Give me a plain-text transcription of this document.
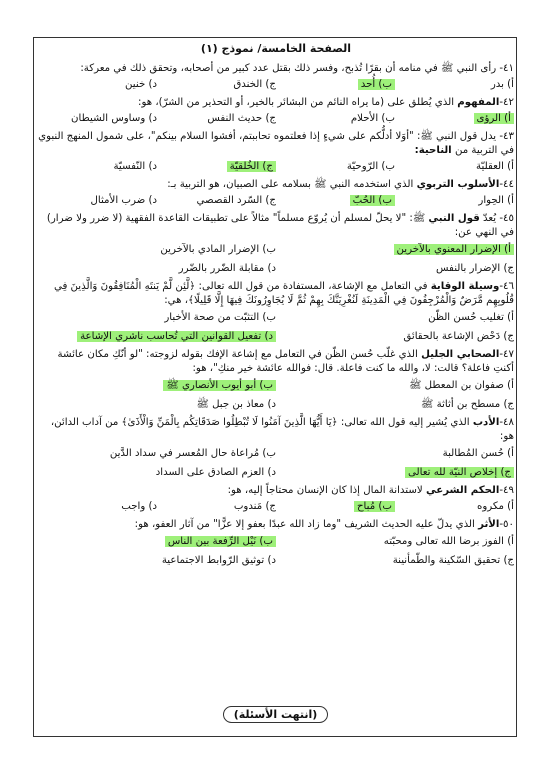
الصفحة الخامسة/ نموذج (١)
٤١- رأى النبي ﷺ في منامه أن بقرًا تُذبح، وفسر ذلك بقتل عدد كبير من أصحابه، وتحقق ذلك في معركة:
أ) بدر
ب) أُحد
ج) الخندق
د) خنين
٤٢-المفهوم الذي يُطلق على (ما يراه النائم من البشائر بالخير، أو التحذير من الشرّ)، هو:
أ) الرؤى
ب) الأحلام
ج) حديث النفس
د) وساوس الشيطان
٤٣- يدل قول النبي ﷺ: "أوَلا أدلُّكم على شيءٍ إذا فعلتموه تحاببتم، أفشوا السلام بينكم"، على شمول المنهج النبوي في التربية من الناحية:
أ) العقليّة
ب) الرّوحيّة
ج) الخُلقيّة
د) النّفسيّة
٤٤-الأسلوب التربوي الذي استخدمه النبي ﷺ بسلامه على الصبيان، هو التربية بـ:
أ) الحِوار
ب) الحُبّ
ج) السّرد القصصي
د) ضرب الأمثال
٤٥- يُعدّ قول النبي ﷺ: "لا يحلّ لمسلم أن يُروّع مسلماً" مثالاً على تطبيقات القاعدة الفقهية (لا ضرر ولا ضرار) في النهي عن:
أ) الإضرار المعنوي بالآخرين
ب) الإضرار المادي بالآخرين
ج) الإضرار بالنفس
د) مقابلة الضّرر بالضّرر
٤٦-وسيلة الوقاية في التعامل مع الإشاعة، المستفادة من قول الله تعالى: ﴿لَّئِن لَّمْ يَنتَهِ الْمُنَافِقُونَ وَالَّذِينَ فِي قُلُوبِهِم مَّرَضٌ وَالْمُرْجِفُونَ فِي الْمَدِينَةِ لَنُغْرِيَنَّكَ بِهِمْ ثُمَّ لَا يُجَاوِرُونَكَ فِيهَا إِلَّا قَلِيلًا﴾، هي:
أ) تغليب حُسن الظّن
ب) التثبّت من صحة الأخبار
ج) دَحْض الإشاعة بالحقائق
د) تفعيل القوانين التي تُحاسب ناشري الإشاعة
٤٧-الصحابي الجليل الذي غلّب حُسن الظّن في التعامل مع إشاعة الإفك بقوله لزوجته: "لو أنّكِ مكان عائشة أكنتِ فاعلة؟ قالت: لا، والله ما كنت فاعلة. قال: فوالله عائشة خير منكِ"، هو:
أ) صفوان بن المعطل ﷺ
ب) أبو أيوب الأنصاري ﷺ
ج) مسطح بن أثاثة ﷺ
د) معاذ بن جبل ﷺ
٤٨-الأدب الذي يُشير إليه قول الله تعالى: ﴿يَا أَيُّهَا الَّذِينَ آمَنُوا لَا تُبْطِلُوا صَدَقَاتِكُم بِالْمَنِّ وَالْأَذَىٰ﴾ من آداب الدائن، هو:
أ) حُسن المُطالبة
ب) مُراعاة حال المُعسر في سداد الدَّين
ج) إخلاص النيّة لله تعالى
د) العزم الصادق على السداد
٤٩-الحكم الشرعي لاستدانة المال إذا كان الإنسان محتاجاً إليه، هو:
أ) مكروه
ب) مُباح
ج) مَندوب
د) واجب
٥٠-الأثر الذي يدلّ عليه الحديث الشريف "وما زاد الله عبدًا بعفو إلا عزًّا" من آثار العفو، هو:
أ) الفوز برضا الله تعالى ومحبّته
ب) نَيْل الرِّفعة بين الناس
ج) تحقيق السّكينة والطّمأنينة
د) توثيق الرّوابط الاجتماعية
(انتهت الأسئلة)
